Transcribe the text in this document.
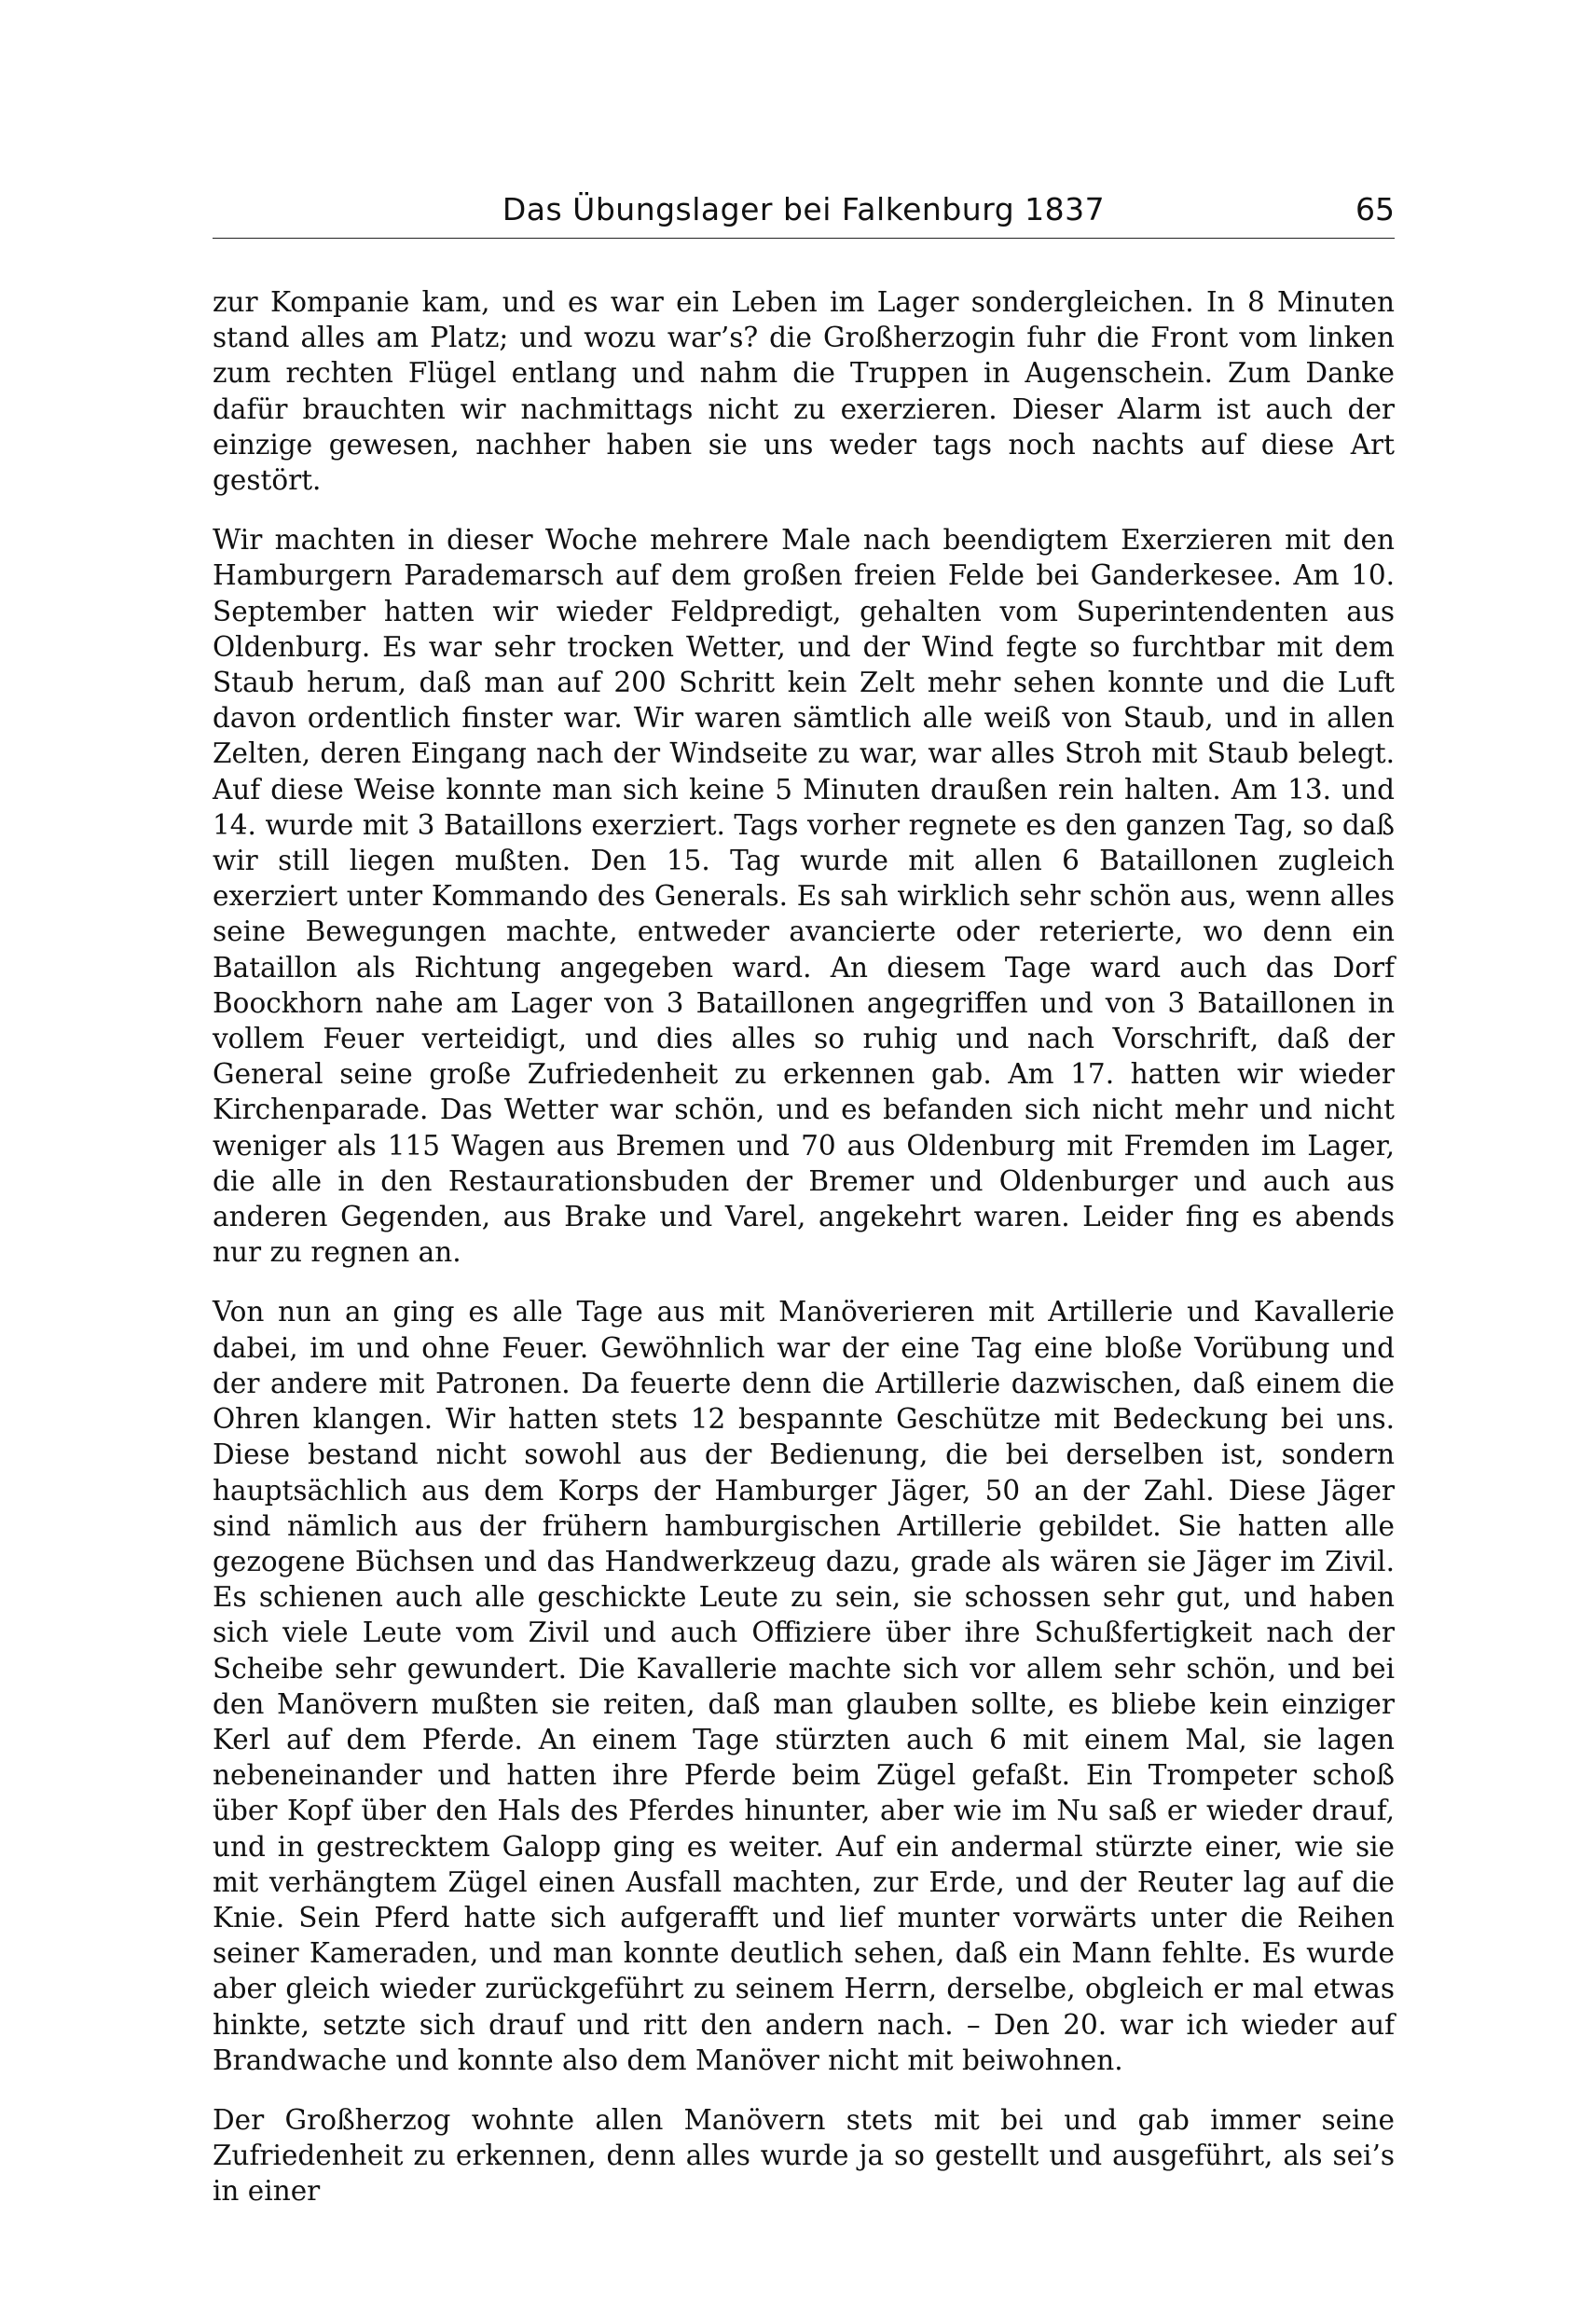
Das Übungslager bei Falkenburg 1837	65

zur Kompanie kam, und es war ein Leben im Lager sondergleichen. In 8 Minuten stand alles am Platz; und wozu war’s? die Großherzogin fuhr die Front vom linken zum rechten Flügel entlang und nahm die Truppen in Augenschein. Zum Danke dafür brauchten wir nachmittags nicht zu exerzieren. Dieser Alarm ist auch der einzige gewesen, nachher haben sie uns weder tags noch nachts auf diese Art gestört.

Wir machten in dieser Woche mehrere Male nach beendigtem Exerzieren mit den Hamburgern Parademarsch auf dem großen freien Felde bei Ganderkesee. Am 10. September hatten wir wieder Feldpredigt, gehalten vom Superintendenten aus Oldenburg. Es war sehr trocken Wetter, und der Wind fegte so furchtbar mit dem Staub herum, daß man auf 200 Schritt kein Zelt mehr sehen konnte und die Luft davon ordentlich finster war. Wir waren sämtlich alle weiß von Staub, und in allen Zelten, deren Eingang nach der Windseite zu war, war alles Stroh mit Staub belegt. Auf diese Weise konnte man sich keine 5 Minuten draußen rein halten. Am 13. und 14. wurde mit 3 Bataillons exerziert. Tags vorher regnete es den ganzen Tag, so daß wir still liegen mußten. Den 15. Tag wurde mit allen 6 Bataillonen zugleich exerziert unter Kommando des Generals. Es sah wirklich sehr schön aus, wenn alles seine Bewegungen machte, entweder avancierte oder reterierte, wo denn ein Bataillon als Richtung angegeben ward. An diesem Tage ward auch das Dorf Boockhorn nahe am Lager von 3 Bataillonen angegriffen und von 3 Bataillonen in vollem Feuer verteidigt, und dies alles so ruhig und nach Vorschrift, daß der General seine große Zufriedenheit zu erkennen gab. Am 17. hatten wir wieder Kirchenparade. Das Wetter war schön, und es befanden sich nicht mehr und nicht weniger als 115 Wagen aus Bremen und 70 aus Oldenburg mit Fremden im Lager, die alle in den Restaurationsbuden der Bremer und Oldenburger und auch aus anderen Gegenden, aus Brake und Varel, angekehrt waren. Leider fing es abends nur zu regnen an.

Von nun an ging es alle Tage aus mit Manöverieren mit Artillerie und Kavallerie dabei, im und ohne Feuer. Gewöhnlich war der eine Tag eine bloße Vorübung und der andere mit Patronen. Da feuerte denn die Artillerie dazwischen, daß einem die Ohren klangen. Wir hatten stets 12 bespannte Geschütze mit Bedeckung bei uns. Diese bestand nicht sowohl aus der Bedienung, die bei derselben ist, sondern hauptsächlich aus dem Korps der Hamburger Jäger, 50 an der Zahl. Diese Jäger sind nämlich aus der frühern hamburgischen Artillerie gebildet. Sie hatten alle gezogene Büchsen und das Handwerkzeug dazu, grade als wären sie Jäger im Zivil. Es schienen auch alle geschickte Leute zu sein, sie schossen sehr gut, und haben sich viele Leute vom Zivil und auch Offiziere über ihre Schußfertigkeit nach der Scheibe sehr gewundert. Die Kavallerie machte sich vor allem sehr schön, und bei den Manövern mußten sie reiten, daß man glauben sollte, es bliebe kein einziger Kerl auf dem Pferde. An einem Tage stürzten auch 6 mit einem Mal, sie lagen nebeneinander und hatten ihre Pferde beim Zügel gefaßt. Ein Trompeter schoß über Kopf über den Hals des Pferdes hinunter, aber wie im Nu saß er wieder drauf, und in gestrecktem Galopp ging es weiter. Auf ein andermal stürzte einer, wie sie mit verhängtem Zügel einen Ausfall machten, zur Erde, und der Reuter lag auf die Knie. Sein Pferd hatte sich aufgerafft und lief munter vorwärts unter die Reihen seiner Kameraden, und man konnte deutlich sehen, daß ein Mann fehlte. Es wurde aber gleich wieder zurückgeführt zu seinem Herrn, derselbe, obgleich er mal etwas hinkte, setzte sich drauf und ritt den andern nach. – Den 20. war ich wieder auf Brandwache und konnte also dem Manöver nicht mit beiwohnen.

Der Großherzog wohnte allen Manövern stets mit bei und gab immer seine Zufriedenheit zu erkennen, denn alles wurde ja so gestellt und ausgeführt, als sei’s in einer
